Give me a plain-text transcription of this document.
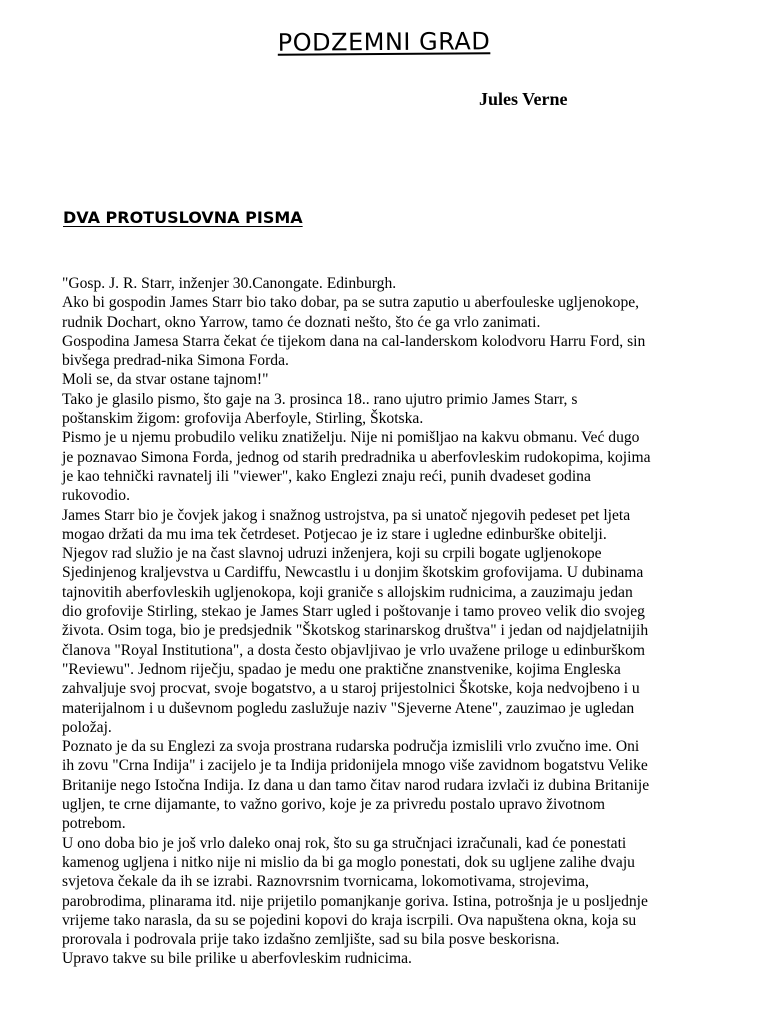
PODZEMNI GRAD
Jules Verne
DVA PROTUSLOVNA PISMA
"Gosp. J. R. Starr, inženjer 30.Canongate. Edinburgh.
Ako bi gospodin James Starr bio tako dobar, pa se sutra zaputio u aberfouleske ugljenokope,
rudnik Dochart, okno Yarrow, tamo će doznati nešto, što će ga vrlo zanimati.
Gospodina Jamesa Starra čekat će tijekom dana na cal-landerskom kolodvoru Harru Ford, sin
bivšega predrad-nika Simona Forda.
Moli se, da stvar ostane tajnom!"
Tako je glasilo pismo, što gaje na 3. prosinca 18.. rano ujutro primio James Starr, s
poštanskim žigom: grofovija Aberfoyle, Stirling, Škotska.
Pismo je u njemu probudilo veliku znatiželju. Nije ni pomišljao na kakvu obmanu. Već dugo
je poznavao Simona Forda, jednog od starih predradnika u aberfovleskim rudokopima, kojima
je kao tehnički ravnatelj ili "viewer", kako Englezi znaju reći, punih dvadeset godina
rukovodio.
James Starr bio je čovjek jakog i snažnog ustrojstva, pa si unatoč njegovih pedeset pet ljeta
mogao držati da mu ima tek četrdeset. Potjecao je iz stare i ugledne edinburške obitelji.
Njegov rad služio je na čast slavnoj udruzi inženjera, koji su crpili bogate ugljenokope
Sjedinjenog kraljevstva u Cardiffu, Newcastlu i u donjim škotskim grofovijama. U dubinama
tajnovitih aberfovleskih ugljenokopa, koji graniče s allojskim rudnicima, a zauzimaju jedan
dio grofovije Stirling, stekao je James Starr ugled i poštovanje i tamo proveo velik dio svojeg
života. Osim toga, bio je predsjednik "Škotskog starinarskog društva" i jedan od najdjelatnijih
članova "Royal Institutiona", a dosta često objavljivao je vrlo uvažene priloge u edinburškom
"Reviewu". Jednom riječju, spadao je medu one praktične znanstvenike, kojima Engleska
zahvaljuje svoj procvat, svoje bogatstvo, a u staroj prijestolnici Škotske, koja nedvojbeno i u
materijalnom i u duševnom pogledu zaslužuje naziv "Sjeverne Atene", zauzimao je ugledan
položaj.
Poznato je da su Englezi za svoja prostrana rudarska područja izmislili vrlo zvučno ime. Oni
ih zovu "Crna Indija" i zacijelo je ta Indija pridonijela mnogo više zavidnom bogatstvu Velike
Britanije nego Istočna Indija. Iz dana u dan tamo čitav narod rudara izvlači iz dubina Britanije
ugljen, te crne dijamante, to važno gorivo, koje je za privredu postalo upravo životnom
potrebom.
U ono doba bio je još vrlo daleko onaj rok, što su ga stručnjaci izračunali, kad će ponestati
kamenog ugljena i nitko nije ni mislio da bi ga moglo ponestati, dok su ugljene zalihe dvaju
svjetova čekale da ih se izrabi. Raznovrsnim tvornicama, lokomotivama, strojevima,
parobrodima, plinarama itd. nije prijetilo pomanjkanje goriva. Istina, potrošnja je u posljednje
vrijeme tako narasla, da su se pojedini kopovi do kraja iscrpili. Ova napuštena okna, koja su
prorovala i podrovala prije tako izdašno zemljište, sad su bila posve beskorisna.
Upravo takve su bile prilike u aberfovleskim rudnicima.
